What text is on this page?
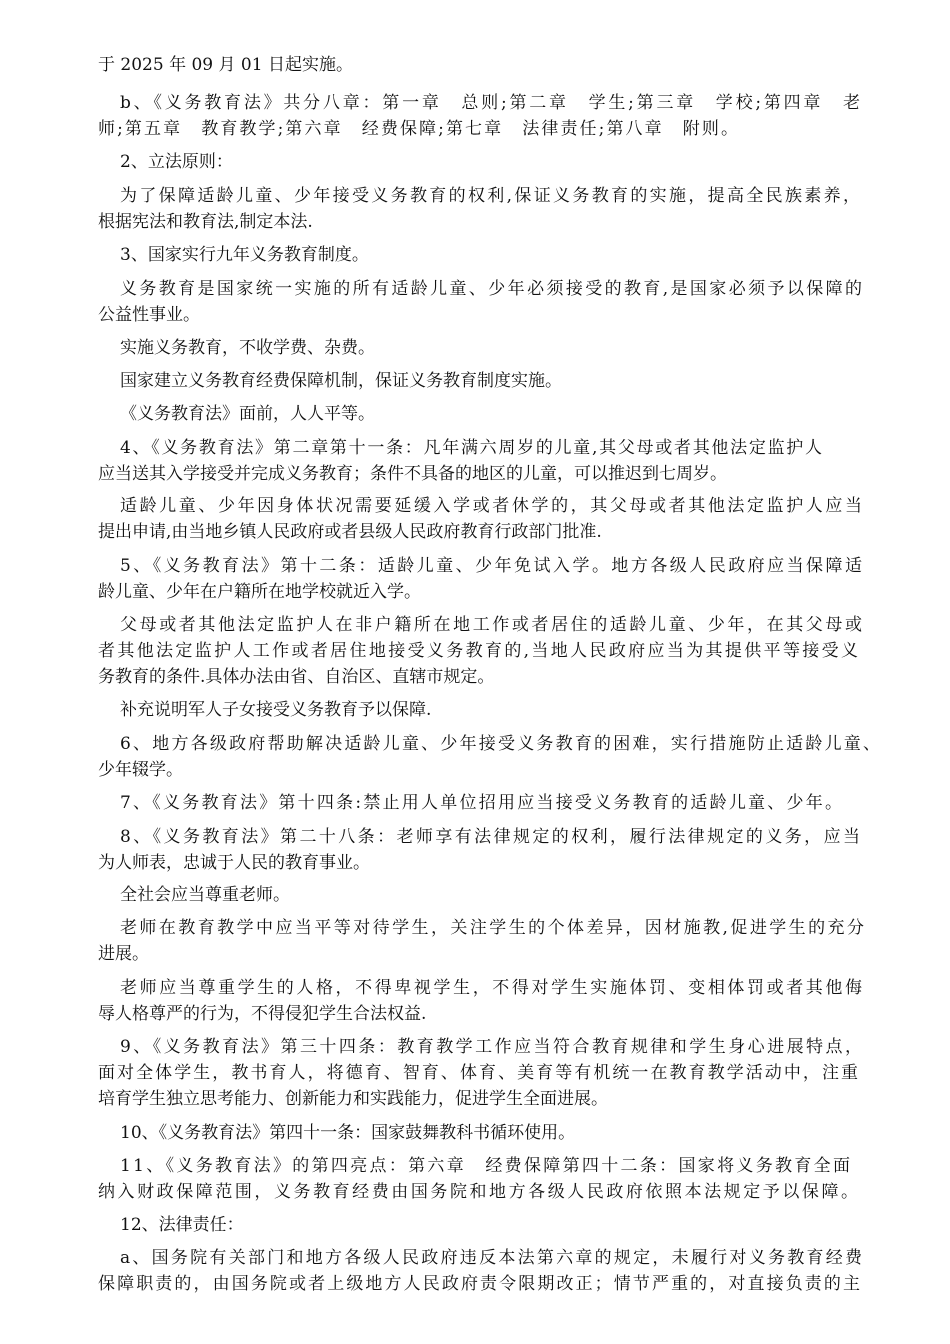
于 2025 年 09 月 01 日起实施。
b、《义务教育法》共分八章：第一章　总则;第二章　学生;第三章　学校;第四章　老
师;第五章　教育教学;第六章　经费保障;第七章　法律责任;第八章　附则。
2、立法原则：
为了保障适龄儿童、少年接受义务教育的权利,保证义务教育的实施，提高全民族素养，
根据宪法和教育法,制定本法.
3、国家实行九年义务教育制度。
义务教育是国家统一实施的所有适龄儿童、少年必须接受的教育,是国家必须予以保障的
公益性事业。
实施义务教育，不收学费、杂费。
国家建立义务教育经费保障机制，保证义务教育制度实施。
《义务教育法》面前，人人平等。
4、《义务教育法》第二章第十一条：凡年满六周岁的儿童,其父母或者其他法定监护人
应当送其入学接受并完成义务教育；条件不具备的地区的儿童，可以推迟到七周岁。
适龄儿童、少年因身体状况需要延缓入学或者休学的，其父母或者其他法定监护人应当
提出申请,由当地乡镇人民政府或者县级人民政府教育行政部门批准.
5、《义务教育法》第十二条：适龄儿童、少年免试入学。地方各级人民政府应当保障适
龄儿童、少年在户籍所在地学校就近入学。
父母或者其他法定监护人在非户籍所在地工作或者居住的适龄儿童、少年，在其父母或
者其他法定监护人工作或者居住地接受义务教育的,当地人民政府应当为其提供平等接受义
务教育的条件.具体办法由省、自治区、直辖市规定。
补充说明军人子女接受义务教育予以保障.
6、地方各级政府帮助解决适龄儿童、少年接受义务教育的困难，实行措施防止适龄儿童、
少年辍学。
7、《义务教育法》第十四条:禁止用人单位招用应当接受义务教育的适龄儿童、少年。
8、《义务教育法》第二十八条：老师享有法律规定的权利，履行法律规定的义务，应当
为人师表，忠诚于人民的教育事业。
全社会应当尊重老师。
老师在教育教学中应当平等对待学生，关注学生的个体差异，因材施教,促进学生的充分
进展。
老师应当尊重学生的人格，不得卑视学生，不得对学生实施体罚、变相体罚或者其他侮
辱人格尊严的行为，不得侵犯学生合法权益.
9、《义务教育法》第三十四条：教育教学工作应当符合教育规律和学生身心进展特点，
面对全体学生，教书育人，将德育、智育、体育、美育等有机统一在教育教学活动中，注重
培育学生独立思考能力、创新能力和实践能力，促进学生全面进展。
10、《义务教育法》第四十一条：国家鼓舞教科书循环使用。
11、《义务教育法》的第四亮点：第六章　经费保障第四十二条：国家将义务教育全面
纳入财政保障范围，义务教育经费由国务院和地方各级人民政府依照本法规定予以保障。
12、法律责任：
a、国务院有关部门和地方各级人民政府违反本法第六章的规定，未履行对义务教育经费
保障职责的，由国务院或者上级地方人民政府责令限期改正；情节严重的，对直接负责的主
